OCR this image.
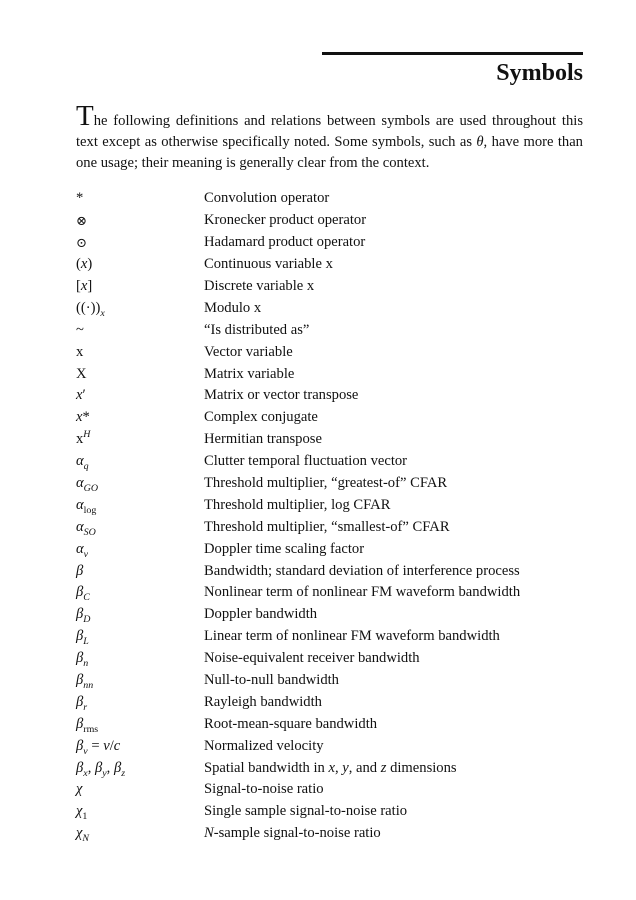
Symbols

The following definitions and relations between symbols are used throughout this text except as otherwise specifically noted. Some symbols, such as θ, have more than one usage; their meaning is generally clear from the context.

*	Convolution operator
⊗	Kronecker product operator
⊙	Hadamard product operator
(x)	Continuous variable x
[x]	Discrete variable x
$((\cdot))_x$	Modulo x
~	“Is distributed as”
x	Vector variable
X	Matrix variable
x′	Matrix or vector transpose
x*	Complex conjugate
$x^H$	Hermitian transpose
$\alpha_q$	Clutter temporal fluctuation vector
$\alpha_{GO}$	Threshold multiplier, “greatest-of” CFAR
$\alpha_{log}$	Threshold multiplier, log CFAR
$\alpha_{SO}$	Threshold multiplier, “smallest-of” CFAR
$\alpha_v$	Doppler time scaling factor
β	Bandwidth; standard deviation of interference process
$\beta_C$	Nonlinear term of nonlinear FM waveform bandwidth
$\beta_D$	Doppler bandwidth
$\beta_L$	Linear term of nonlinear FM waveform bandwidth
$\beta_n$	Noise-equivalent receiver bandwidth
$\beta_{nn}$	Null-to-null bandwidth
$\beta_r$	Rayleigh bandwidth
$\beta_{rms}$	Root-mean-square bandwidth
$\beta_v = v/c$	Normalized velocity
$\beta_x$, $\beta_y$, $\beta_z$	Spatial bandwidth in x, y, and z dimensions
χ	Signal-to-noise ratio
$\chi_1$	Single sample signal-to-noise ratio
$\chi_N$	N-sample signal-to-noise ratio
